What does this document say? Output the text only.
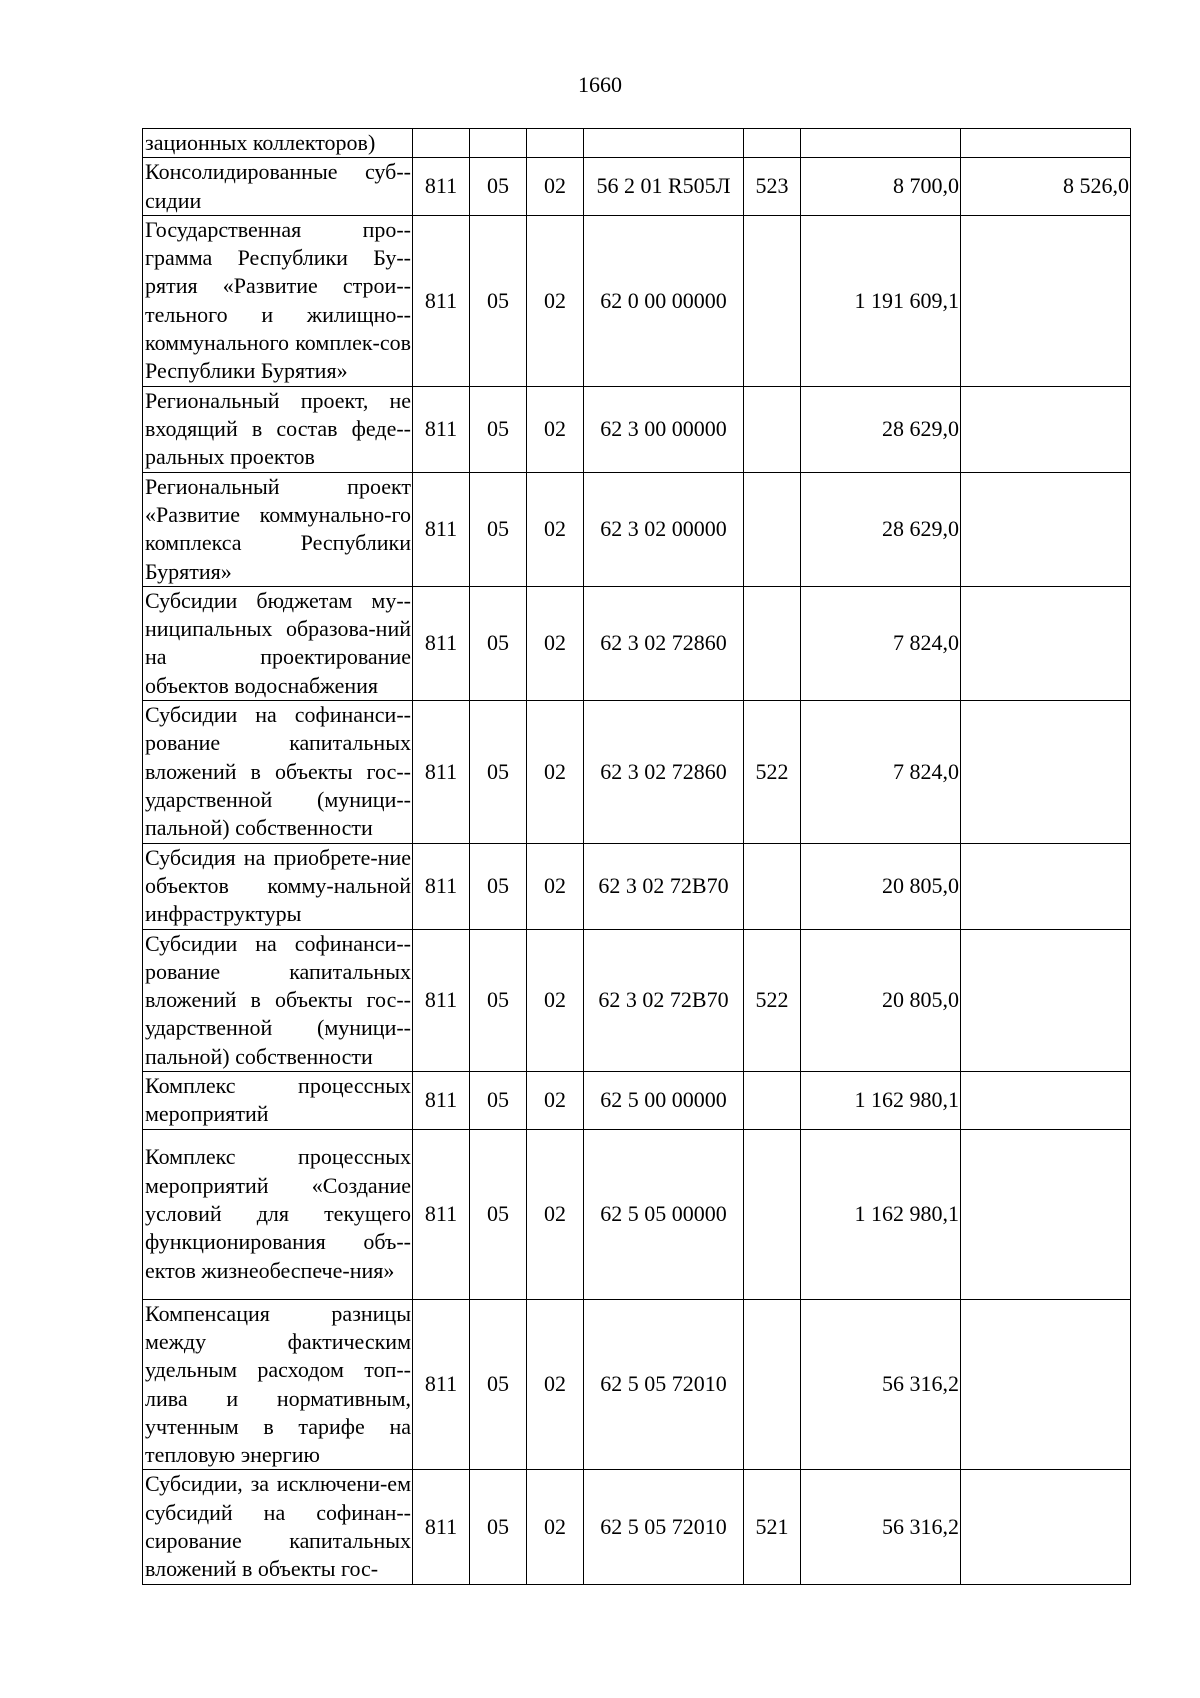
1660
зационных коллекторов)							
Консолидированные суб-сидии	811	05	02	56 2 01 R505Л	523	8 700,0	8 526,0
Государственная про-грамма Республики Бу-рятия «Развитие строи-тельного и жилищно-коммунального комплек-сов Республики Бурятия»	811	05	02	62 0 00 00000		1 191 609,1	
Региональный проект, не входящий в состав феде-ральных проектов	811	05	02	62 3 00 00000		28 629,0	
Региональный проект «Развитие коммунально-го комплекса Республики Бурятия»	811	05	02	62 3 02 00000		28 629,0	
Субсидии бюджетам му-ниципальных образова-ний на проектирование объектов водоснабжения	811	05	02	62 3 02 72860		7 824,0	
Субсидии на софинанси-рование капитальных вложений в объекты гос-ударственной (муници-пальной) собственности	811	05	02	62 3 02 72860	522	7 824,0	
Субсидия на приобрете-ние объектов комму-нальной инфраструктуры	811	05	02	62 3 02 72В70		20 805,0	
Субсидии на софинанси-рование капитальных вложений в объекты гос-ударственной (муници-пальной) собственности	811	05	02	62 3 02 72В70	522	20 805,0	
Комплекс процессных мероприятий	811	05	02	62 5 00 00000		1 162 980,1	
Комплекс процессных мероприятий «Создание условий для текущего функционирования объ-ектов жизнеобеспече-ния»	811	05	02	62 5 05 00000		1 162 980,1	
Компенсация разницы между фактическим удельным расходом топ-лива и нормативным, учтенным в тарифе на тепловую энергию	811	05	02	62 5 05 72010		56 316,2	
Субсидии, за исключени-ем субсидий на софинан-сирование капитальных вложений в объекты гос-	811	05	02	62 5 05 72010	521	56 316,2	
